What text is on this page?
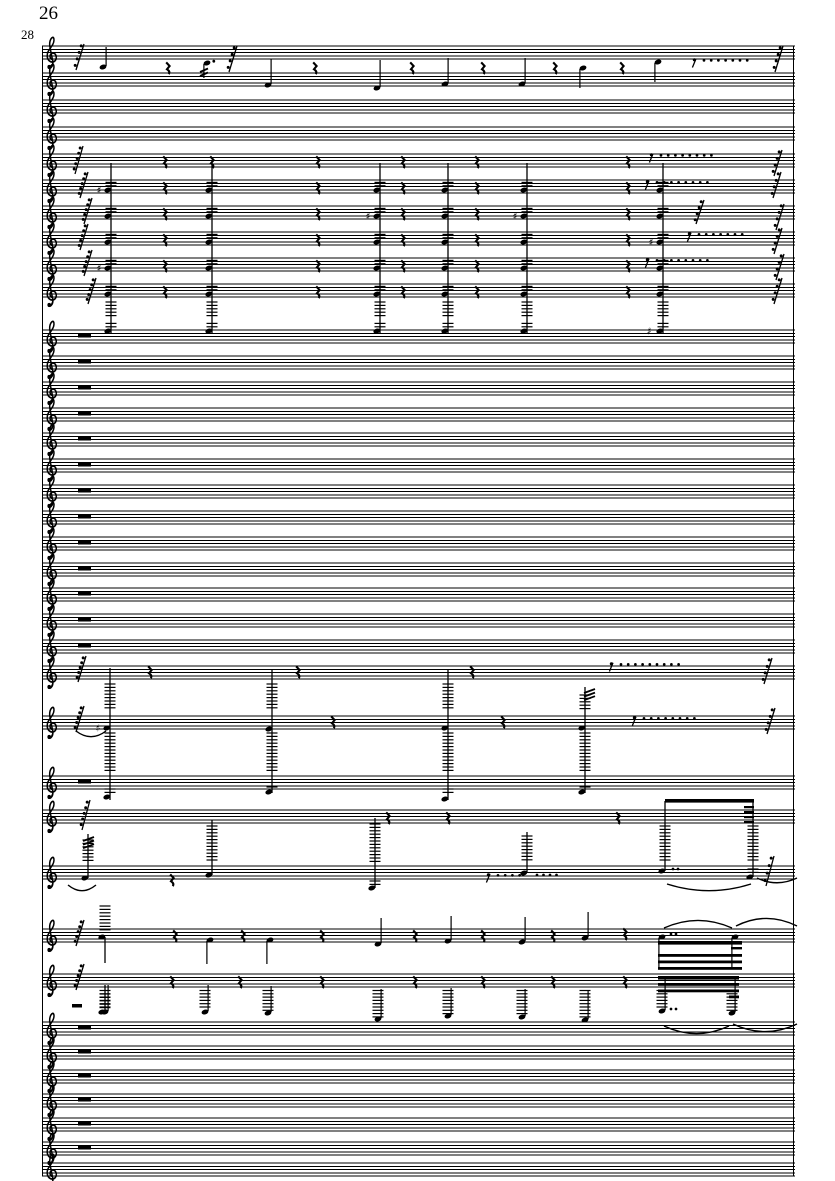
26
28
♯
♯
♯	♯
♯
♯
♯
